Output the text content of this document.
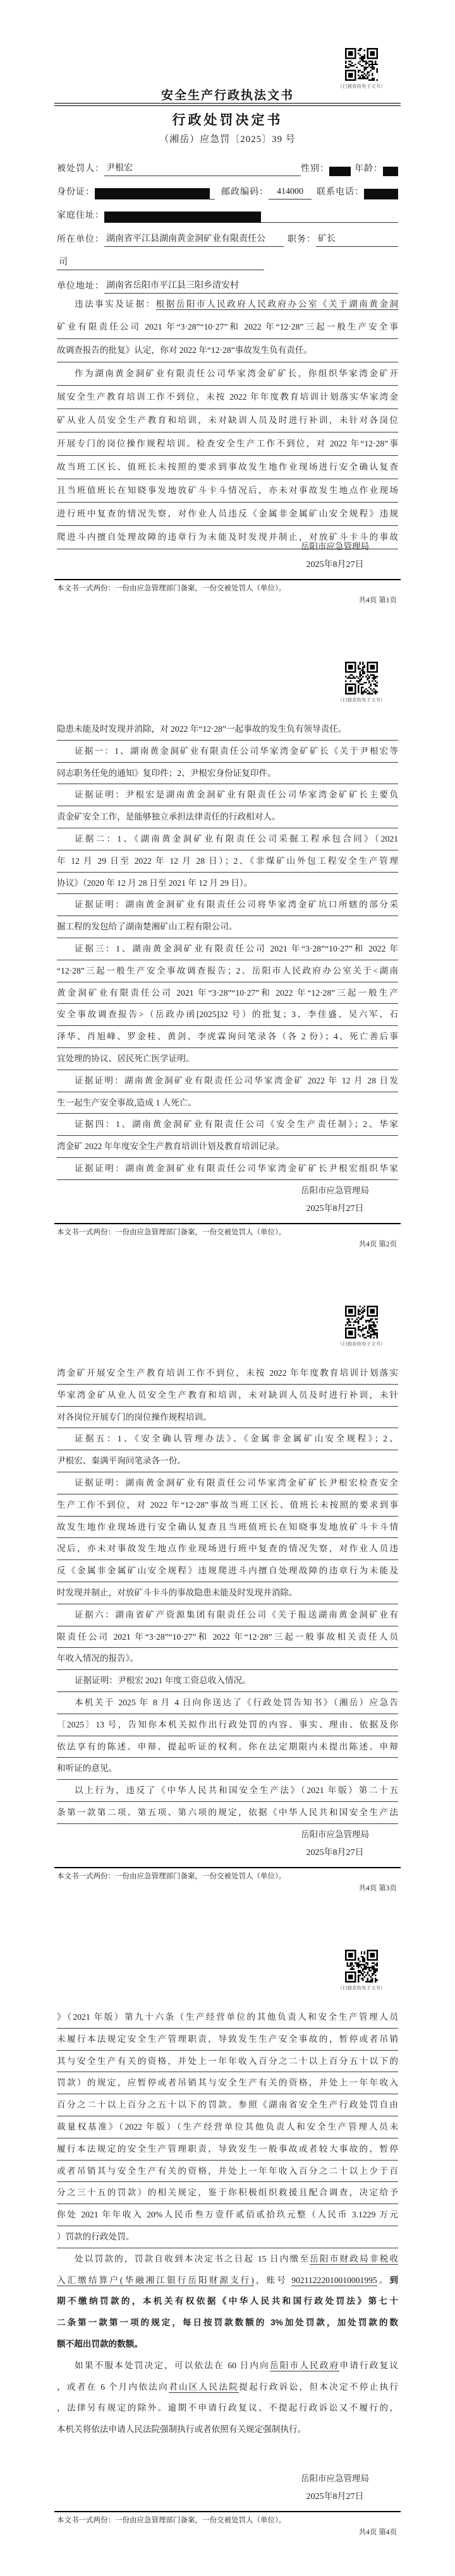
（扫描查收电子文书）
安全生产行政执法文书
行政处罚决定书
（湘岳）应急罚〔2025〕39 号
被处罚人： 尹根宏	性别：	年龄：
身份证：	邮政编码： 414000	联系电话：
家庭住址：
所在单位： 湖南省平江县湖南黄金洞矿业有限责任公	职务： 矿长
司
单位地址： 湖南省岳阳市平江县三阳乡清安村
违法事实及证据：根据岳阳市人民政府人民政府办公室《关于湖南黄金洞
矿业有限责任公司 2021 年“3·28”“10·27”和 2022 年“12·28”三起一般生产安全事
故调查报告的批复》认定，你对 2022 年“12·28”事故发生负有责任。
作为湖南黄金洞矿业有限责任公司华家湾金矿矿长，你组织华家湾金矿开
展安全生产教育培训工作不到位，未按 2022 年年度教育培训计划落实华家湾金
矿从业人员安全生产教育和培训，未对缺训人员及时进行补训，未针对各岗位
开展专门的岗位操作规程培训。检查安全生产工作不到位，对 2022 年“12·28”事
故当班工区长、值班长未按照的要求到事故发生地作业现场进行安全确认复查
且当班值班长在知晓事发地放矿斗卡斗情况后，亦未对事故发生地点作业现场
进行班中复查的情况失察，对作业人员违反《金属非金属矿山安全规程》违规
爬进斗内擅自处理故障的违章行为未能及时发现并制止，对放矿斗卡斗的事故
岳阳市应急管理局
2025年8月27日
本文书一式两份：一份由应急管理部门备案，一份交被处罚人（单位）。
共4页 第1页
（扫描查收电子文书）
隐患未能及时发现并消除，对 2022 年“12·28”一起事故的发生负有领导责任。
证据一：1、湖南黄金洞矿业有限责任公司华家湾金矿矿长《关于尹根宏等
同志职务任免的通知》复印件；2、尹根宏身份证复印件。
证据证明：尹根宏是湖南黄金洞矿业有限责任公司华家湾金矿矿长主要负
责金矿安全工作，是能够独立承担法律责任的行政相对人。
证据二：1、《湖南黄金洞矿业有限责任公司采掘工程承包合同》（2021
年 12 月 29 日至 2022 年 12 月 28 日）；2、《非煤矿山外包工程安全生产管理
协议》（2020 年 12 月 28 日至 2021 年 12 月 29 日）。
证据证明：湖南黄金洞矿业有限责任公司将华家湾金矿坑口所辖的部分采
掘工程的发包给了湖南楚湘矿山工程有限公司。
证据三：1、湖南黄金洞矿业有限责任公司 2021 年“3·28”“10·27”和 2022 年
“12·28”三起一般生产安全事故调查报告；2、岳阳市人民政府办公室关于<湖南
黄金洞矿业有限责任公司 2021 年“3·28”“10·27”和 2022 年“12·28”三起一般生产
安全事故调查报告>（岳政办函[2025]32 号）的批复；3、李佳盛、吴六军、石
泽华、肖旭峰、罗金桂、黄剑、李虎霖询问笔录各（各 2 份）；4、死亡善后事
宜处理的协议、居民死亡医学证明。
证据证明：湖南黄金洞矿业有限责任公司华家湾金矿 2022 年 12 月 28 日发
生一起生产安全事故,造成 1 人死亡。
证据四：1、湖南黄金洞矿业有限责任公司《安全生产责任制》；2、华家
湾金矿 2022 年年度安全生产教育培训计划及教育培训记录。
证据证明：湖南黄金洞矿业有限责任公司华家湾金矿矿长尹根宏组织华家
岳阳市应急管理局
2025年8月27日
本文书一式两份：一份由应急管理部门备案，一份交被处罚人（单位）。
共4页 第2页
（扫描查收电子文书）
湾金矿开展安全生产教育培训工作不到位，未按 2022 年年度教育培训计划落实
华家湾金矿从业人员安全生产教育和培训，未对缺训人员及时进行补训，未针
对各岗位开展专门的岗位操作规程培训。
证据五：1、《安全确认管理办法》、《金属非金属矿山安全规程》；2、
尹根宏、秦满平询问笔录各一份。
证据证明：湖南黄金洞矿业有限责任公司华家湾金矿矿长尹根宏检查安全
生产工作不到位，对 2022 年“12·28”事故当班工区长、值班长未按照的要求到事
故发生地作业现场进行安全确认复查且当班值班长在知晓事发地放矿斗卡斗情
况后，亦未对事故发生地点作业现场进行班中复查的情况失察，对作业人员违
反《金属非金属矿山安全规程》违规爬进斗内擅自处理故障的违章行为未能及
时发现并制止，对放矿斗卡斗的事故隐患未能及时发现并消除。
证据六：湖南省矿产资源集团有限责任公司《关于报送湖南黄金洞矿业有
限责任公司 2021 年“3·28”“10·27”和 2022 年“12·28”三起一般事故相关责任人员
年收入情况的报告》。
证据证明：尹根宏 2021 年度工资总收入情况。
本机关于 2025 年 8 月 4 日向你送达了《行政处罚告知书》（湘岳）应急告
〔2025〕13 号，告知你本机关拟作出行政处罚的内容、事实、理由、依据及你
依法享有的陈述、申辩、提起听证的权利。你在法定期限内未提出陈述、申辩
和听证的意见。
以上行为，违反了《中华人民共和国安全生产法》（2021 年版）第二十五
条第一款第二项、第五项、第六项的规定，依据《中华人民共和国安全生产法
岳阳市应急管理局
2025年8月27日
本文书一式两份：一份由应急管理部门备案，一份交被处罚人（单位）。
共4页 第3页
（扫描查收电子文书）
》（2021 年版）第九十六条（生产经营单位的其他负责人和安全生产管理人员
未履行本法规定安全生产管理职责，导致发生生产安全事故的，暂停或者吊销
其与安全生产有关的资格，并处上一年年收入百分之二十以上百分五十以下的
罚款）的规定，应暂停或者吊销其与安全生产有关的资格，并处上一年年收入
百分之二十以上百分之五十以下的罚款。参照《湖南省安全生产行政处罚自由
裁量权基准》（2022 年版）（生产经营单位其他负责人和安全生产管理人员未
履行本法规定的安全生产管理职责，导致发生一般事故或者较大事故的，暂停
或者吊销其与安全生产有关的资格，并处上一年年收入百分之二十以上少于百
分之三十五的罚款）的相关规定，鉴于你积极组织救援且配合调查，决定给予
你处 2021 年年收入 20%人民币叁万壹仟贰佰贰拾玖元整（人民币 3.1229 万元
）罚款的行政处罚。
处以罚款的，罚款自收到本决定书之日起 15 日内缴至岳阳市财政局非税收
入汇缴结算户(华融湘江银行岳阳财源支行)，账号 90211222010010001995。到
期不缴纳罚款的，本机关有权依据《中华人民共和国行政处罚法》第七十
二条第一款第一项的规定，每日按罚款数额的 3%加处罚款，加处罚款的数
额不超出罚款的数额。
如果不服本处罚决定，可以依法在 60 日内向岳阳市人民政府申请行政复议
，或者在 6 个月内依法向君山区人民法院提起行政诉讼，但本决定不停止执行
，法律另有规定的除外。逾期不申请行政复议、不提起行政诉讼又不履行的，
本机关将依法申请人民法院强制执行或者依照有关规定强制执行。
岳阳市应急管理局
2025年8月27日
本文书一式两份：一份由应急管理部门备案，一份交被处罚人（单位）。
共4页 第4页
